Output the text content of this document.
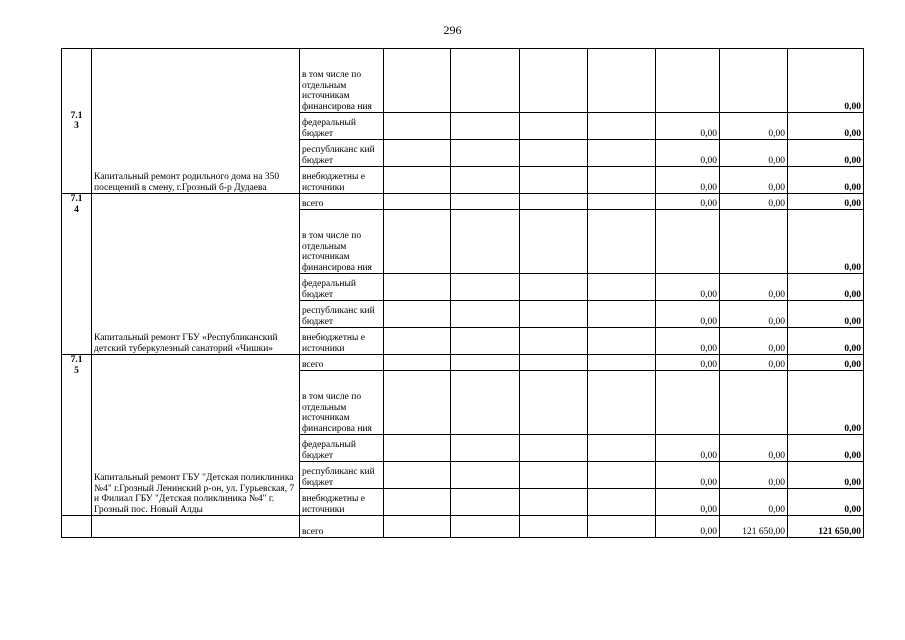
296
7.1
3	Капитальный ремонт родильного дома на 350 посещений в смену, г.Грозный б-р Дудаева	в том числе по отдельным источникам финансирова ния							0,00
		федеральный бюджет					0,00	0,00	0,00
		республиканс кий бюджет					0,00	0,00	0,00
		внебюджетны е источники					0,00	0,00	0,00
7.1
4	Капитальный ремонт ГБУ «Республиканский детский туберкулезный санаторий «Чишки»	всего					0,00	0,00	0,00
		в том числе по отдельным источникам финансирова ния							0,00
		федеральный бюджет					0,00	0,00	0,00
		республиканс кий бюджет					0,00	0,00	0,00
		внебюджетны е источники					0,00	0,00	0,00
7.1
5	Капитальный ремонт ГБУ "Детская поликлиника №4" г.Грозный Ленинский р-он, ул. Гурьевская, 7 и Филиал ГБУ "Детская поликлиника №4" г. Грозный пос. Новый Алды	всего					0,00	0,00	0,00
		в том числе по отдельным источникам финансирова ния							0,00
		федеральный бюджет					0,00	0,00	0,00
		республиканс кий бюджет					0,00	0,00	0,00
		внебюджетны е источники					0,00	0,00	0,00
		всего					0,00	121 650,00	121 650,00
